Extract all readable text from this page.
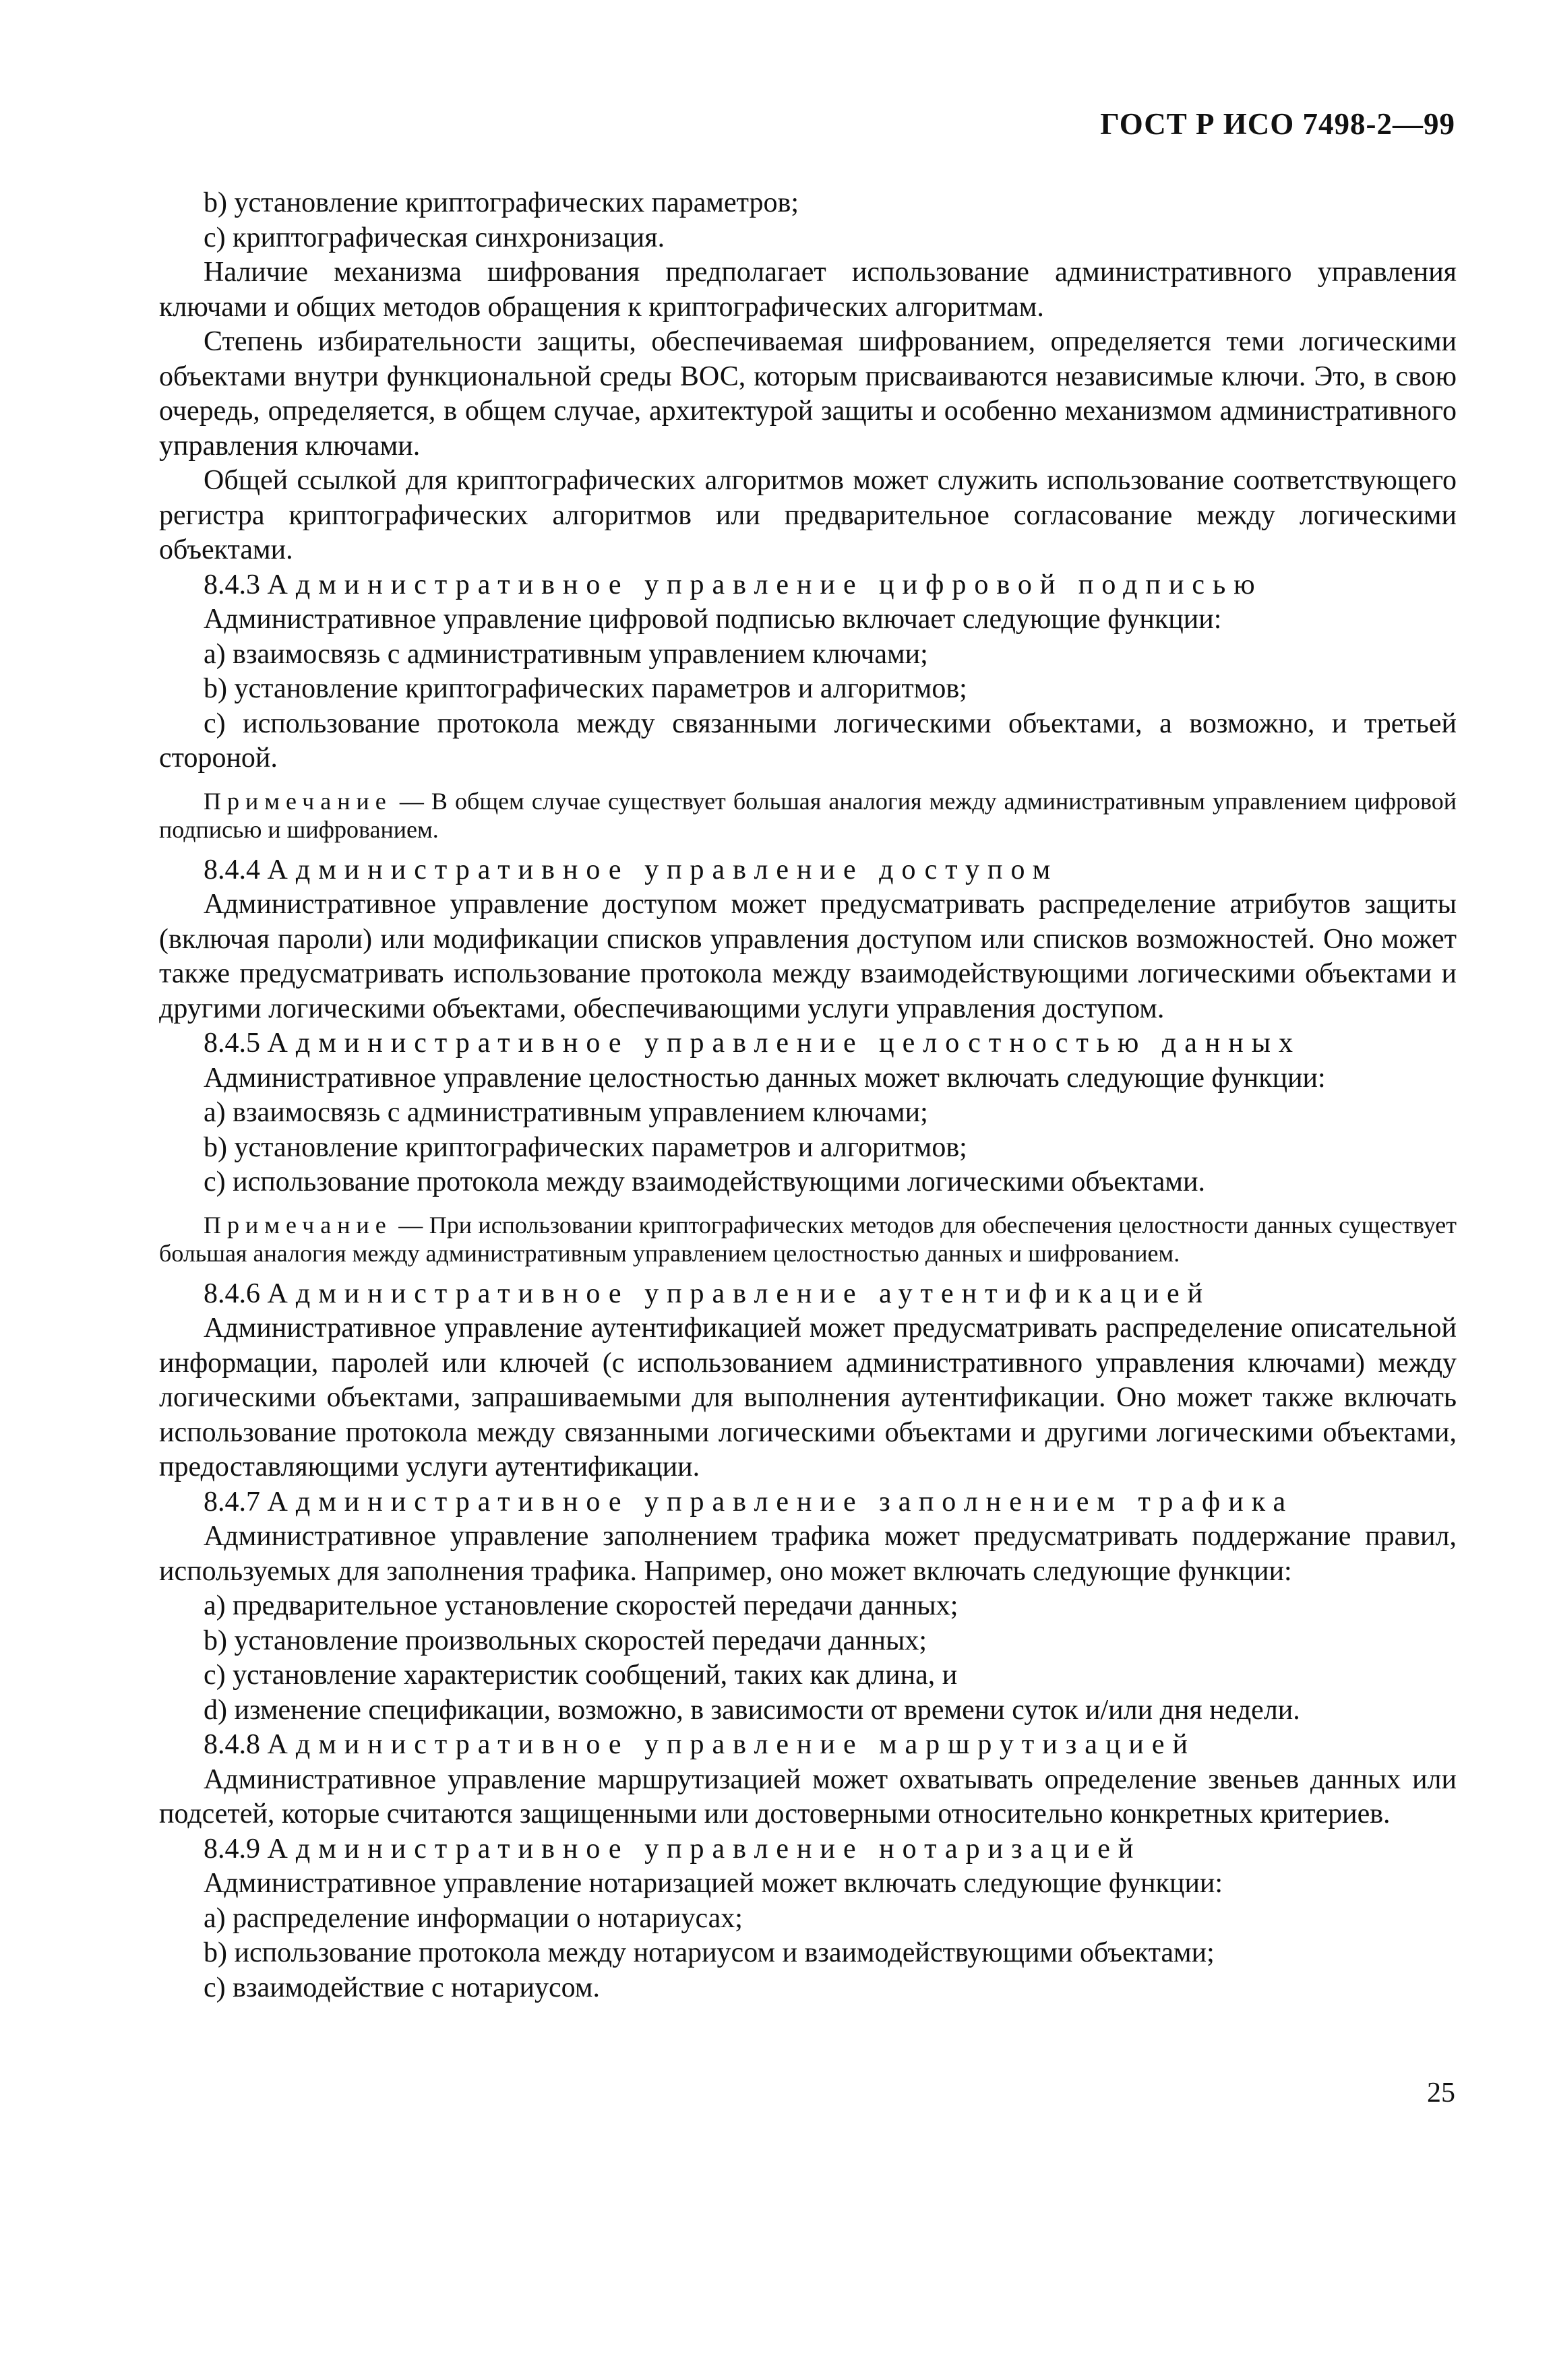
ГОСТ Р ИСО 7498-2—99

b) установление криптографических параметров;

c) криптографическая синхронизация.

Наличие механизма шифрования предполагает использование административного управления ключами и общих методов обращения к криптографических алгоритмам.

Степень избирательности защиты, обеспечиваемая шифрованием, определяется теми логическими объектами внутри функциональной среды ВОС, которым присваиваются независимые ключи. Это, в свою очередь, определяется, в общем случае, архитектурой защиты и особенно механизмом административного управления ключами.

Общей ссылкой для криптографических алгоритмов может служить использование соответствующего регистра криптографических алгоритмов или предварительное согласование между логическими объектами.

8.4.3 Административное управление цифровой подписью

Административное управление цифровой подписью включает следующие функции:

a) взаимосвязь с административным управлением ключами;

b) установление криптографических параметров и алгоритмов;

c) использование протокола между связанными логическими объектами, а возможно, и третьей стороной.

Примечание — В общем случае существует большая аналогия между административным управлением цифровой подписью и шифрованием.

8.4.4 Административное управление доступом

Административное управление доступом может предусматривать распределение атрибутов защиты (включая пароли) или модификации списков управления доступом или списков возможностей. Оно может также предусматривать использование протокола между взаимодействующими логическими объектами и другими логическими объектами, обеспечивающими услуги управления доступом.

8.4.5 Административное управление целостностью данных

Административное управление целостностью данных может включать следующие функции:

a) взаимосвязь с административным управлением ключами;

b) установление криптографических параметров и алгоритмов;

c) использование протокола между взаимодействующими логическими объектами.

Примечание — При использовании криптографических методов для обеспечения целостности данных существует большая аналогия между административным управлением целостностью данных и шифрованием.

8.4.6 Административное управление аутентификацией

Административное управление аутентификацией может предусматривать распределение описательной информации, паролей или ключей (с использованием административного управления ключами) между логическими объектами, запрашиваемыми для выполнения аутентификации. Оно может также включать использование протокола между связанными логическими объектами и другими логическими объектами, предоставляющими услуги аутентификации.

8.4.7 Административное управление заполнением трафика

Административное управление заполнением трафика может предусматривать поддержание правил, используемых для заполнения трафика. Например, оно может включать следующие функции:

a) предварительное установление скоростей передачи данных;

b) установление произвольных скоростей передачи данных;

c) установление характеристик сообщений, таких как длина, и

d) изменение спецификации, возможно, в зависимости от времени суток и/или дня недели.

8.4.8 Административное управление маршрутизацией

Административное управление маршрутизацией может охватывать определение звеньев данных или подсетей, которые считаются защищенными или достоверными относительно конкретных критериев.

8.4.9 Административное управление нотаризацией

Административное управление нотаризацией может включать следующие функции:

a) распределение информации о нотариусах;

b) использование протокола между нотариусом и взаимодействующими объектами;

c) взаимодействие с нотариусом.

25
